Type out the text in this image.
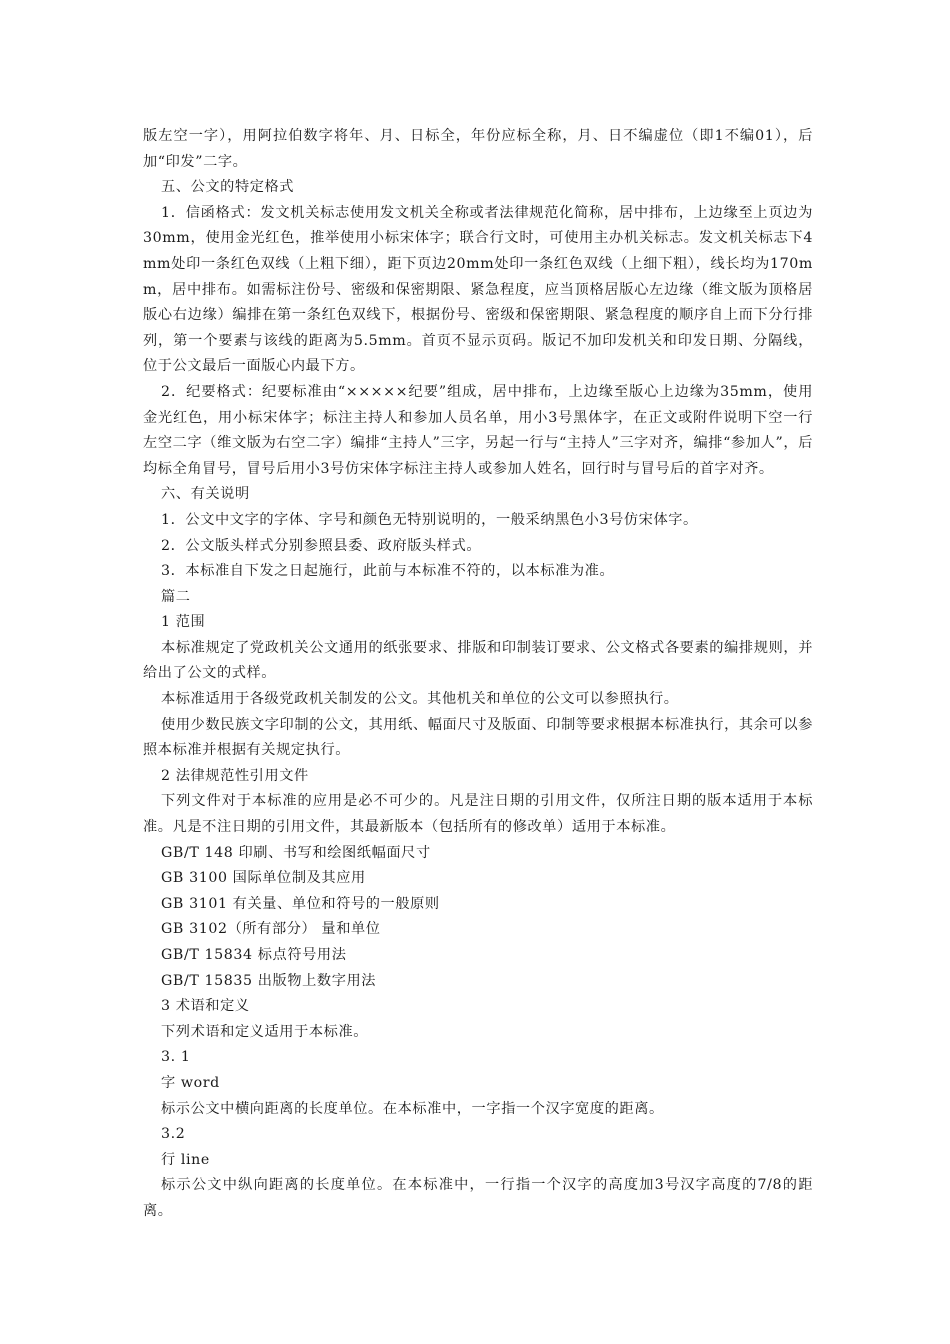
版左空一字），用阿拉伯数字将年、月、日标全，年份应标全称，月、日不编虚位（即1不编01），后加“印发”二字。

五、公文的特定格式

1．信函格式：发文机关标志使用发文机关全称或者法律规范化简称，居中排布，上边缘至上页边为30mm，使用金光红色，推举使用小标宋体字；联合行文时，可使用主办机关标志。发文机关标志下4mm处印一条红色双线（上粗下细），距下页边20mm处印一条红色双线（上细下粗），线长均为170mm，居中排布。如需标注份号、密级和保密期限、紧急程度，应当顶格居版心左边缘（维文版为顶格居版心右边缘）编排在第一条红色双线下，根据份号、密级和保密期限、紧急程度的顺序自上而下分行排列，第一个要素与该线的距离为5.5mm。首页不显示页码。版记不加印发机关和印发日期、分隔线，位于公文最后一面版心内最下方。

2．纪要格式：纪要标准由“×××××纪要”组成，居中排布，上边缘至版心上边缘为35mm，使用金光红色，用小标宋体字；标注主持人和参加人员名单，用小3号黑体字，在正文或附件说明下空一行左空二字（维文版为右空二字）编排“主持人”三字，另起一行与“主持人”三字对齐，编排“参加人”，后均标全角冒号，冒号后用小3号仿宋体字标注主持人或参加人姓名，回行时与冒号后的首字对齐。

六、有关说明

1．公文中文字的字体、字号和颜色无特别说明的，一般采纳黑色小3号仿宋体字。

2．公文版头样式分别参照县委、政府版头样式。

3．本标准自下发之日起施行，此前与本标准不符的，以本标准为准。

篇二

1 范围

本标准规定了党政机关公文通用的纸张要求、排版和印制装订要求、公文格式各要素的编排规则，并给出了公文的式样。

本标准适用于各级党政机关制发的公文。其他机关和单位的公文可以参照执行。

使用少数民族文字印制的公文，其用纸、幅面尺寸及版面、印制等要求根据本标准执行，其余可以参照本标准并根据有关规定执行。

2 法律规范性引用文件

下列文件对于本标准的应用是必不可少的。凡是注日期的引用文件，仅所注日期的版本适用于本标准。凡是不注日期的引用文件，其最新版本（包括所有的修改单）适用于本标准。

GB/T 148 印刷、书写和绘图纸幅面尺寸

GB 3100 国际单位制及其应用

GB 3101 有关量、单位和符号的一般原则

GB 3102（所有部分） 量和单位

GB/T 15834 标点符号用法

GB/T 15835 出版物上数字用法

3 术语和定义

下列术语和定义适用于本标准。

3. 1

字 word

标示公文中横向距离的长度单位。在本标准中，一字指一个汉字宽度的距离。

3.2

行 line

标示公文中纵向距离的长度单位。在本标准中，一行指一个汉字的高度加3号汉字高度的7/8的距离。
